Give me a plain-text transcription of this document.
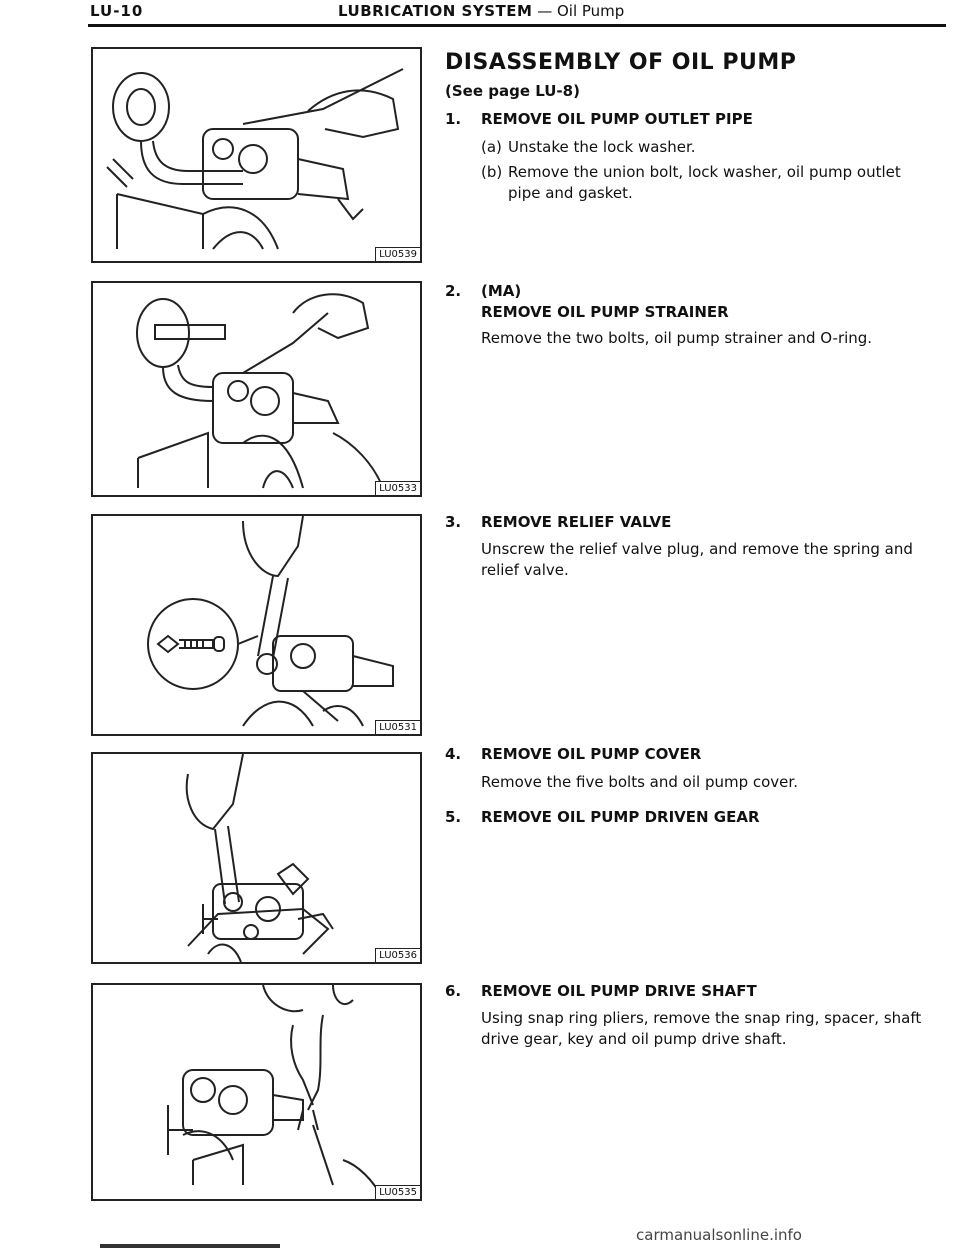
LU-10	LUBRICATION SYSTEM — Oil Pump
LU0539
LU0533
LU0531
LU0536
LU0535
DISASSEMBLY OF OIL PUMP
(See page LU-8)
1. REMOVE OIL PUMP OUTLET PIPE
(a) Unstake the lock washer.
(b) Remove the union bolt, lock washer, oil pump outlet
pipe and gasket.
2. (MA)
REMOVE OIL PUMP STRAINER
Remove the two bolts, oil pump strainer and O-ring.
3. REMOVE RELIEF VALVE
Unscrew the relief valve plug, and remove the spring and
relief valve.
4. REMOVE OIL PUMP COVER
Remove the five bolts and oil pump cover.
5. REMOVE OIL PUMP DRIVEN GEAR
6. REMOVE OIL PUMP DRIVE SHAFT
Using snap ring pliers, remove the snap ring, spacer, shaft
drive gear, key and oil pump drive shaft.
carmanualsonline.info
